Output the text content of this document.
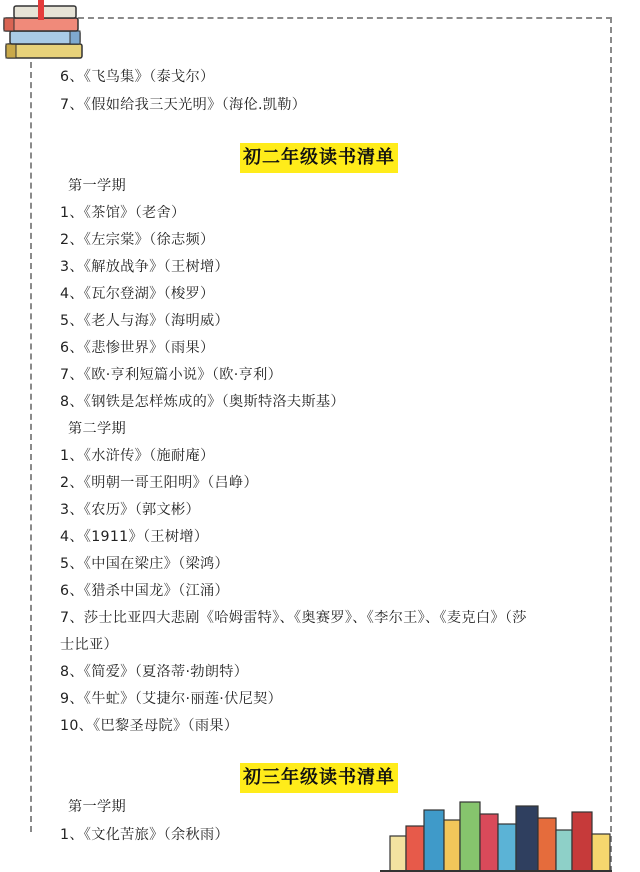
6、《飞鸟集》（泰戈尔）
7、《假如给我三天光明》（海伦.凯勒）
初二年级读书清单
第一学期
1、《茶馆》（老舍）
2、《左宗棠》（徐志频）
3、《解放战争》（王树增）
4、《瓦尔登湖》（梭罗）
5、《老人与海》（海明威）
6、《悲惨世界》（雨果）
7、《欧·亨利短篇小说》（欧·亨利）
8、《钢铁是怎样炼成的》（奥斯特洛夫斯基）
第二学期
1、《水浒传》（施耐庵）
2、《明朝一哥王阳明》（吕峥）
3、《农历》（郭文彬）
4、《1911》（王树增）
5、《中国在梁庄》（梁鸿）
6、《猎杀中国龙》（江涌）
7、莎士比亚四大悲剧《哈姆雷特》、《奥赛罗》、《李尔王》、《麦克白》（莎
士比亚）
8、《简爱》（夏洛蒂·勃朗特）
9、《牛虻》（艾捷尔·丽莲·伏尼契）
10、《巴黎圣母院》（雨果）
初三年级读书清单
第一学期
1、《文化苦旅》（余秋雨）
